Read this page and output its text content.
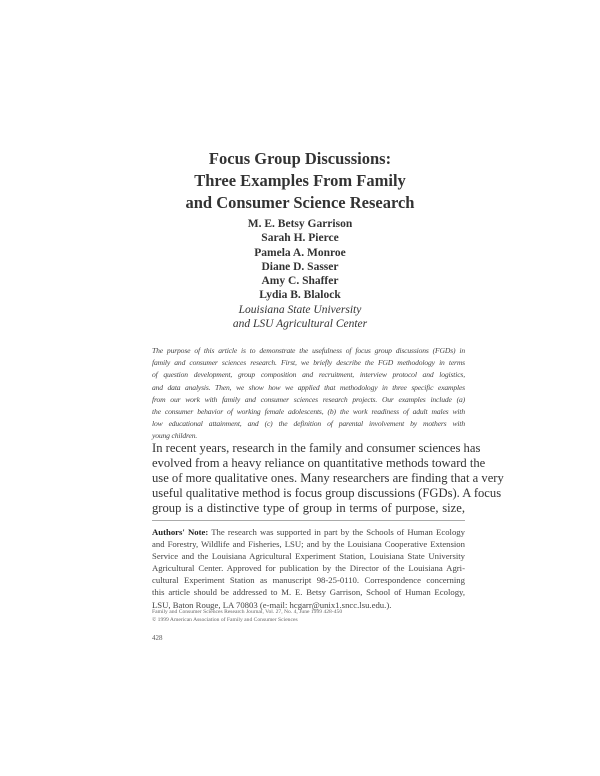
Focus Group Discussions:
Three Examples From Family
and Consumer Science Research
M. E. Betsy Garrison
Sarah H. Pierce
Pamela A. Monroe
Diane D. Sasser
Amy C. Shaffer
Lydia B. Blalock
Louisiana State University
and LSU Agricultural Center
The purpose of this article is to demonstrate the usefulness of focus group discussions (FGDs) in
family and consumer sciences research. First, we briefly describe the FGD methodology in terms
of question development, group composition and recruitment, interview protocol and logistics,
and data analysis. Then, we show how we applied that methodology in three specific examples
from our work with family and consumer sciences research projects. Our examples include (a)
the consumer behavior of working female adolescents, (b) the work readiness of adult males with
low educational attainment, and (c) the definition of parental involvement by mothers with
young children.
In recent years, research in the family and consumer sciences has
evolved from a heavy reliance on quantitative methods toward the
use of more qualitative ones. Many researchers are finding that a very
useful qualitative method is focus group discussions (FGDs). A focus
group is a distinctive type of group in terms of purpose, size,
Authors' Note: The research was supported in part by the Schools of Human Ecology
and Forestry, Wildlife and Fisheries, LSU; and by the Louisiana Cooperative Extension
Service and the Louisiana Agricultural Experiment Station, Louisiana State University
Agricultural Center. Approved for publication by the Director of the Louisiana Agri-
cultural Experiment Station as manuscript 98-25-0110. Correspondence concerning
this article should be addressed to M. E. Betsy Garrison, School of Human Ecology,
LSU, Baton Rouge, LA 70803 (e-mail: hcgarr@unix1.sncc.lsu.edu.).
Family and Consumer Sciences Research Journal, Vol. 27, No. 4, June 1999 428-450
© 1999 American Association of Family and Consumer Sciences
428
